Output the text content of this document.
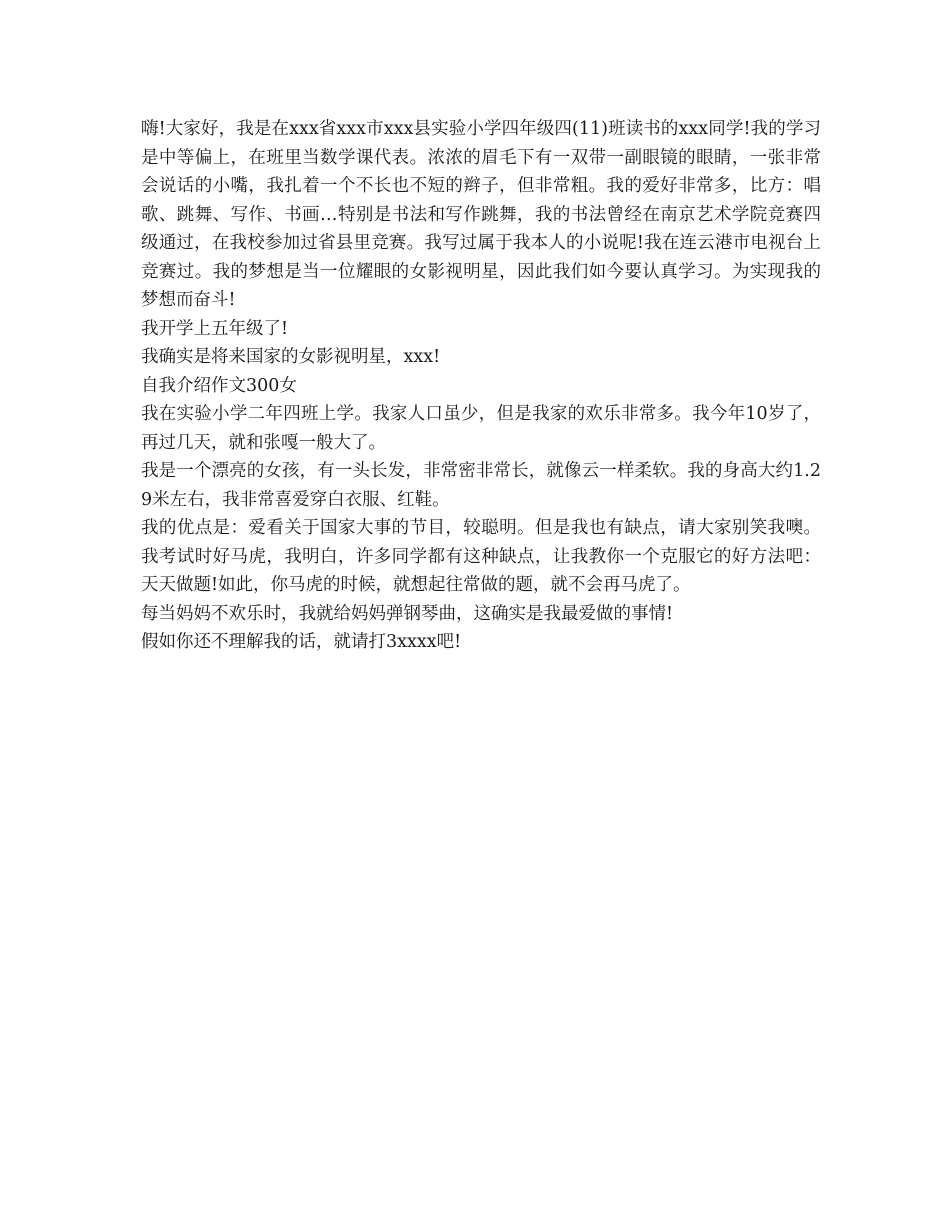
嗨!大家好，我是在xxx省xxx市xxx县实验小学四年级四(11)班读书的xxx同学!我的学习是中等偏上，在班里当数学课代表。浓浓的眉毛下有一双带一副眼镜的眼睛，一张非常会说话的小嘴，我扎着一个不长也不短的辫子，但非常粗。我的爱好非常多，比方：唱歌、跳舞、写作、书画…特别是书法和写作跳舞，我的书法曾经在南京艺术学院竞赛四级通过，在我校参加过省县里竞赛。我写过属于我本人的小说呢!我在连云港市电视台上竞赛过。我的梦想是当一位耀眼的女影视明星，因此我们如今要认真学习。为实现我的梦想而奋斗!

我开学上五年级了!

我确实是将来国家的女影视明星，xxx!

自我介绍作文300女

我在实验小学二年四班上学。我家人口虽少，但是我家的欢乐非常多。我今年10岁了，再过几天，就和张嘎一般大了。

我是一个漂亮的女孩，有一头长发，非常密非常长，就像云一样柔软。我的身高大约1.29米左右，我非常喜爱穿白衣服、红鞋。

我的优点是：爱看关于国家大事的节目，较聪明。但是我也有缺点，请大家别笑我噢。我考试时好马虎，我明白，许多同学都有这种缺点，让我教你一个克服它的好方法吧：天天做题!如此，你马虎的时候，就想起往常做的题，就不会再马虎了。

每当妈妈不欢乐时，我就给妈妈弹钢琴曲，这确实是我最爱做的事情!

假如你还不理解我的话，就请打3xxxx吧!
